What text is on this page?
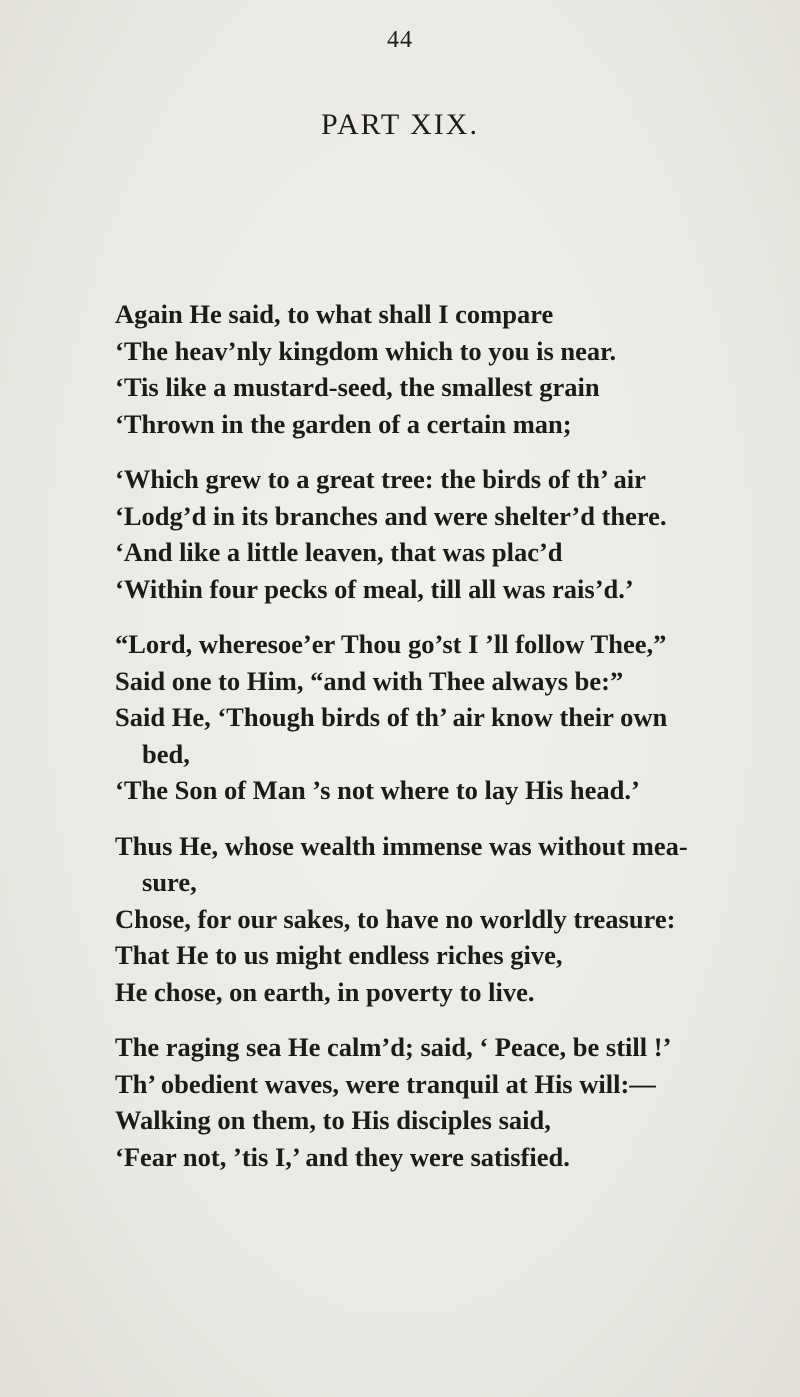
44
PART XIX.
Again He said, to what shall I compare
‘The heav’nly kingdom which to you is near.
‘Tis like a mustard-seed, the smallest grain
‘Thrown in the garden of a certain man;
‘Which grew to a great tree: the birds of th’ air
‘Lodg’d in its branches and were shelter’d there.
‘And like a little leaven, that was plac’d
‘Within four pecks of meal, till all was rais’d.’
“Lord, wheresoe’er Thou go’st I ’ll follow Thee,”
Said one to Him, “and with Thee always be:”
Said He, ‘Though birds of th’ air know their own
bed,
‘The Son of Man ’s not where to lay His head.’
Thus He, whose wealth immense was without mea-
sure,
Chose, for our sakes, to have no worldly treasure:
That He to us might endless riches give,
He chose, on earth, in poverty to live.
The raging sea He calm’d; said, ‘ Peace, be still !’
Th’ obedient waves, were tranquil at His will:—
Walking on them, to His disciples said,
‘Fear not, ’tis I,’ and they were satisfied.
